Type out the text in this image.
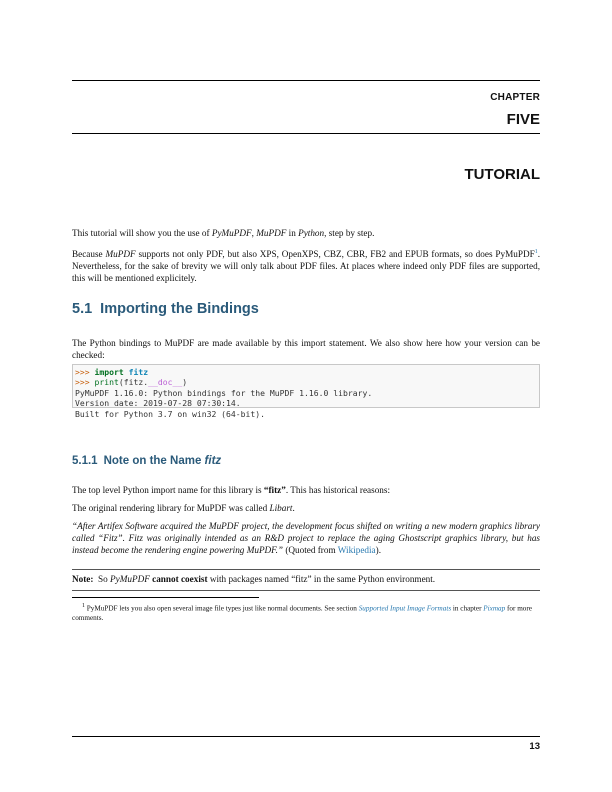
CHAPTER
FIVE
TUTORIAL

This tutorial will show you the use of PyMuPDF, MuPDF in Python, step by step.

Because MuPDF supports not only PDF, but also XPS, OpenXPS, CBZ, CBR, FB2 and EPUB formats, so does PyMuPDF$^1$. Nevertheless, for the sake of brevity we will only talk about PDF files. At places where indeed only PDF files are supported, this will be mentioned explicitely.

5.1 Importing the Bindings

The Python bindings to MuPDF are made available by this import statement. We also show here how your version can be checked:

>>> import fitz
>>> print(fitz.__doc__)
PyMuPDF 1.16.0: Python bindings for the MuPDF 1.16.0 library.
Version date: 2019-07-28 07:30:14.
Built for Python 3.7 on win32 (64-bit).
5.1.1 Note on the Name fitz

The top level Python import name for this library is “fitz”. This has historical reasons:

The original rendering library for MuPDF was called Libart.

“After Artifex Software acquired the MuPDF project, the development focus shifted on writing a new modern graphics library called “Fitz”. Fitz was originally intended as an R&D project to replace the aging Ghostscript graphics library, but has instead become the rendering engine powering MuPDF.” (Quoted from Wikipedia).

Note: So PyMuPDF cannot coexist with packages named “fitz” in the same Python environment.

$^1$ PyMuPDF lets you also open several image file types just like normal documents. See section Supported Input Image Formats in chapter Pixmap for more comments.

13
